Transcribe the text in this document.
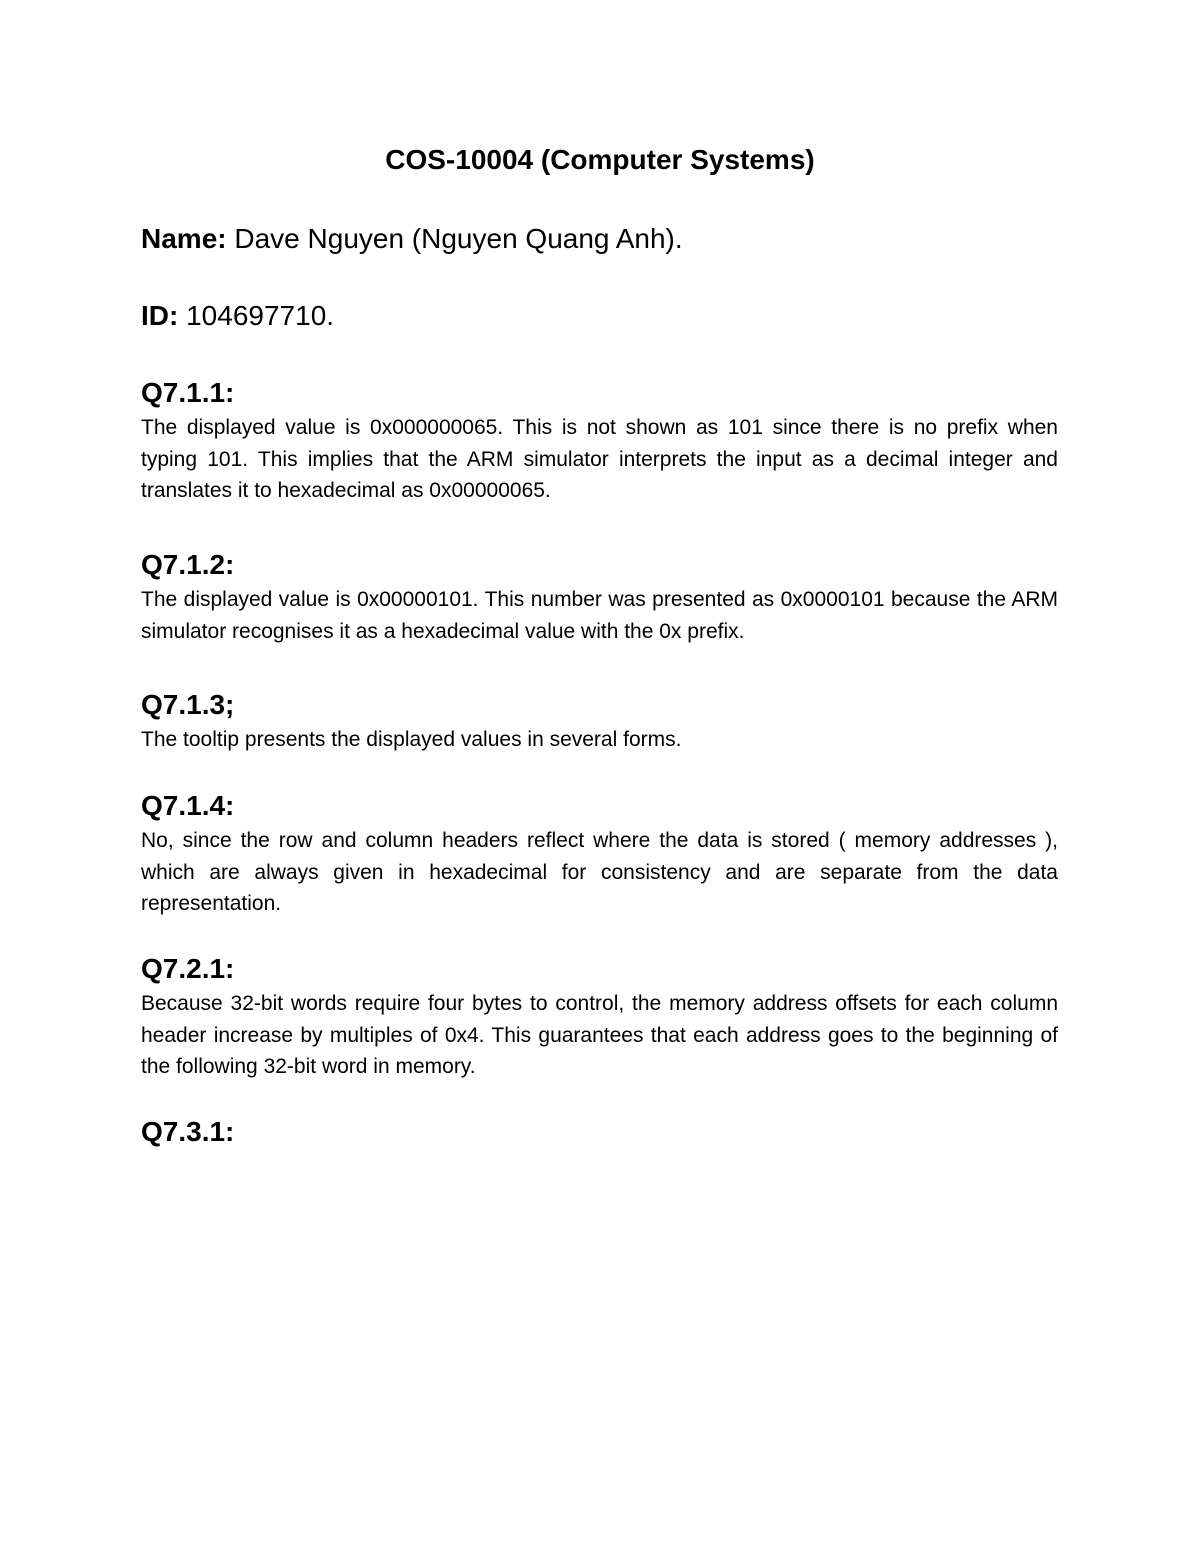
COS-10004 (Computer Systems)

Name: Dave Nguyen (Nguyen Quang Anh).

ID: 104697710.

Q7.1.1:

The displayed value is 0x000000065. This is not shown as 101 since there is no prefix when typing 101. This implies that the ARM simulator interprets the input as a decimal integer and translates it to hexadecimal as 0x00000065.

Q7.1.2:

The displayed value is 0x00000101. This number was presented as 0x0000101 because the ARM simulator recognises it as a hexadecimal value with the 0x prefix.

Q7.1.3;

The tooltip presents the displayed values in several forms.

Q7.1.4:

No, since the row and column headers reflect where the data is stored ( memory addresses ), which are always given in hexadecimal for consistency and are separate from the data representation.

Q7.2.1:

Because 32-bit words require four bytes to control, the memory address offsets for each column header increase by multiples of 0x4. This guarantees that each address goes to the beginning of the following 32-bit word in memory.

Q7.3.1:
